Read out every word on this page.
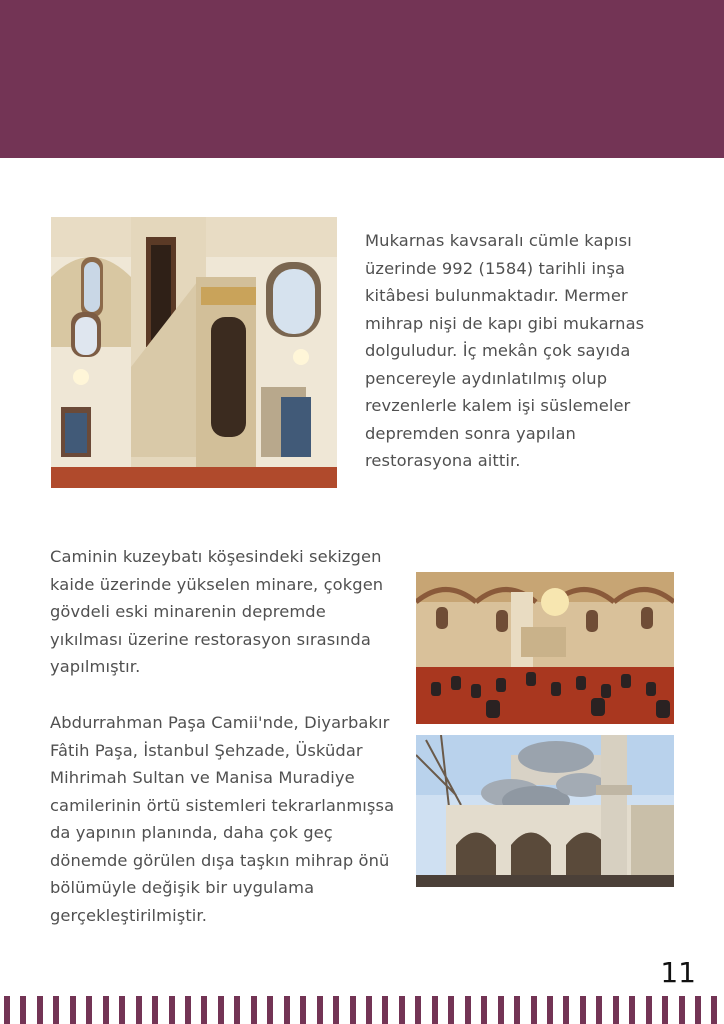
Mukarnas kavsaralı cümle kapısı üzerinde 992 (1584) tarihli inşa kitâbesi bulunmaktadır. Mermer mihrap nişi de kapı gibi mukarnas dolguludur. İç mekân çok sayıda pencereyle aydınlatılmış olup revzenlerle kalem işi süslemeler depremden sonra yapılan restorasyona aittir.

Caminin kuzeybatı köşesindeki sekizgen kaide üzerinde yükselen minare, çokgen gövdeli eski minarenin depremde yıkılması üzerine restorasyon sırasında yapılmıştır.

Abdurrahman Paşa Camii'nde, Diyarbakır Fâtih Paşa, İstanbul Şehzade, Üsküdar Mihrimah Sultan ve Manisa Muradiye camilerinin örtü sistemleri tekrarlanmışsa da yapının planında, daha çok geç dönemde görülen dışa taşkın mihrap önü bölümüyle değişik bir uygulama gerçekleştirilmiştir.

11
